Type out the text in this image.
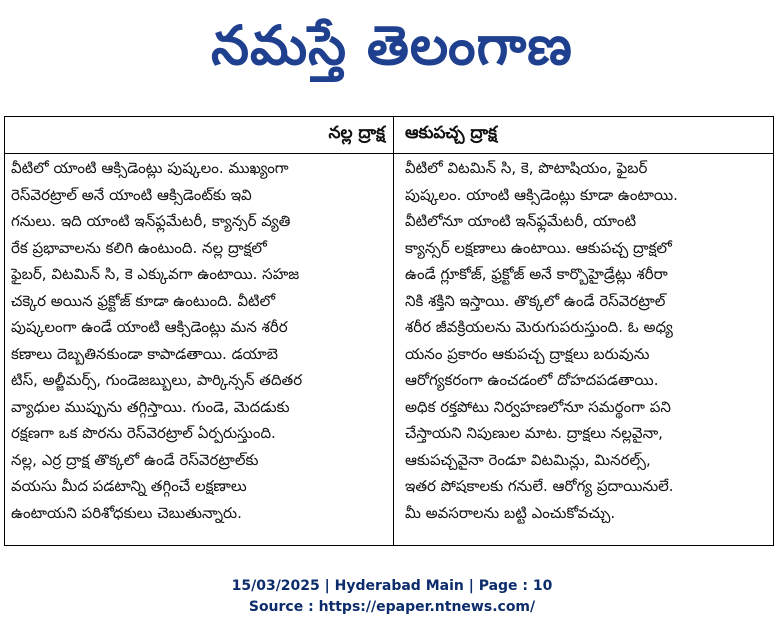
నమస్తే తెలంగాణ
నల్ల ద్రాక్ష ఆకుపచ్చ ద్రాక్ష
వీటిలో యాంటి ఆక్సిడెంట్లు పుష్కలం. ముఖ్యంగా
రెస్‌వెరట్రాల్ అనే యాంటి ఆక్సిడెంట్‌కు ఇవి
గనులు. ఇది యాంటి ఇన్‌ఫ్లమేటరీ, క్యాన్సర్ వ్యతి
రేక ప్రభావాలను కలిగి ఉంటుంది. నల్ల ద్రాక్షలో
ఫైబర్, విటమిన్ సి, కె ఎక్కువగా ఉంటాయి. సహజ
చక్కెర అయిన ఫ్రక్టోజ్ కూడా ఉంటుంది. వీటిలో
పుష్కలంగా ఉండే యాంటి ఆక్సిడెంట్లు మన శరీర
కణాలు దెబ్బతినకుండా కాపాడతాయి. డయాబె
టిస్, అల్జీమర్స్, గుండెజబ్బులు, పార్కిన్సన్ తదితర
వ్యాధుల ముప్పును తగ్గిస్తాయి. గుండె, మెదడుకు
రక్షణగా ఒక పొరను రెస్‌వెరట్రాల్ ఏర్పరుస్తుంది.
నల్ల, ఎర్ర ద్రాక్ష తొక్కలో ఉండే రెస్‌వెరట్రాల్‌కు
వయసు మీద పడటాన్ని తగ్గించే లక్షణాలు
ఉంటాయని పరిశోధకులు చెబుతున్నారు.
వీటిలో విటమిన్ సి, కె, పొటాషియం, ఫైబర్
పుష్కలం. యాంటి ఆక్సిడెంట్లు కూడా ఉంటాయి.
వీటిలోనూ యాంటి ఇన్‌ఫ్లమేటరీ, యాంటి
క్యాన్సర్ లక్షణాలు ఉంటాయి. ఆకుపచ్చ ద్రాక్షలో
ఉండే గ్లూకోజ్, ఫ్రక్టోజ్ అనే కార్బొహైడ్రేట్లు శరీరా
నికి శక్తిని ఇస్తాయి. తొక్కలో ఉండే రెస్‌వెరట్రాల్
శరీర జీవక్రియలను మెరుగుపరుస్తుంది. ఓ అధ్య
యనం ప్రకారం ఆకుపచ్చ ద్రాక్షలు బరువును
ఆరోగ్యకరంగా ఉంచడంలో దోహదపడతాయి.
అధిక రక్తపోటు నిర్వహణలోనూ సమర్థంగా పని
చేస్తాయని నిపుణుల మాట. ద్రాక్షలు నల్లవైనా,
ఆకుపచ్చవైనా రెండూ విటమిన్లు, మినరల్స్,
ఇతర పోషకాలకు గనులే. ఆరోగ్య ప్రదాయినులే.
మీ అవసరాలను బట్టి ఎంచుకోవచ్చు.
15/03/2025 | Hyderabad Main | Page : 10
Source : https://epaper.ntnews.com/
